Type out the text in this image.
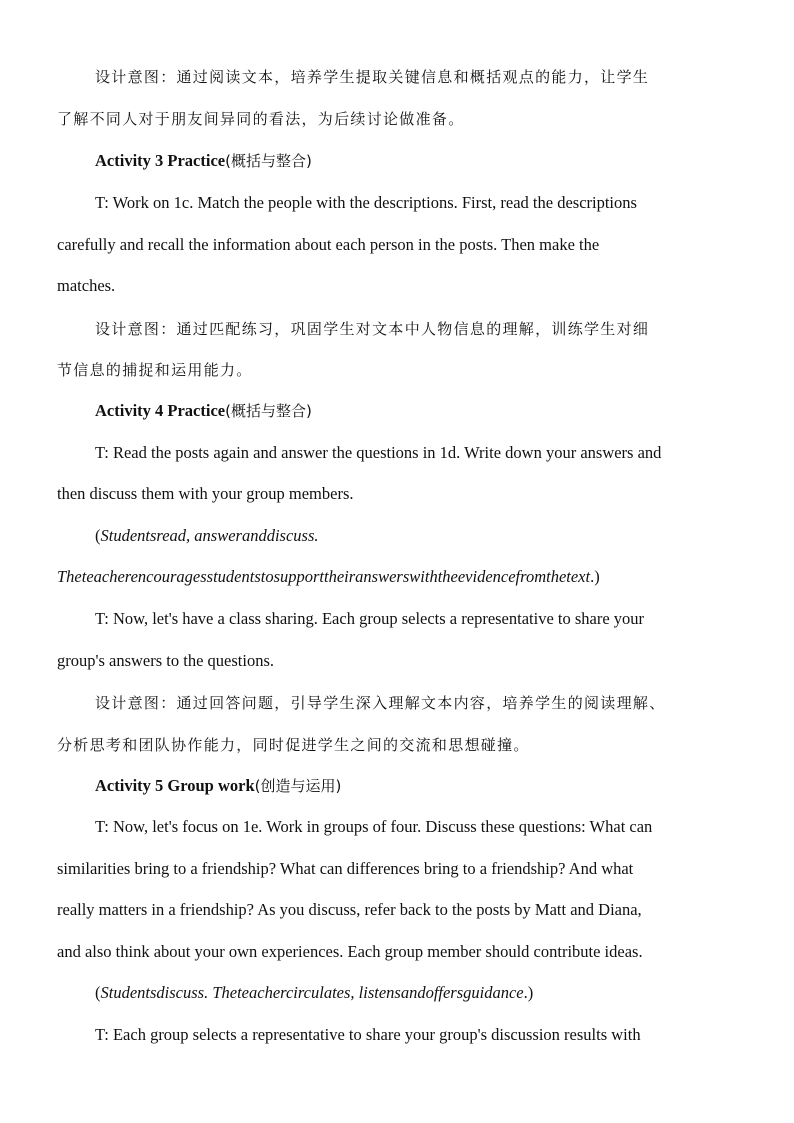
设计意图：通过阅读文本，培养学生提取关键信息和概括观点的能力，让学生
了解不同人对于朋友间异同的看法，为后续讨论做准备。
Activity 3 Practice(概括与整合)
T: Work on 1c. Match the people with the descriptions. First, read the descriptions
carefully and recall the information about each person in the posts. Then make the
matches.
设计意图：通过匹配练习，巩固学生对文本中人物信息的理解，训练学生对细
节信息的捕捉和运用能力。
Activity 4 Practice(概括与整合)
T: Read the posts again and answer the questions in 1d. Write down your answers and
then discuss them with your group members.
(Studentsread, answeranddiscuss.
Theteacherencouragesstudentstosupporttheiranswerswiththeevidencefromthetext.)
T: Now, let's have a class sharing. Each group selects a representative to share your
group's answers to the questions.
设计意图：通过回答问题，引导学生深入理解文本内容，培养学生的阅读理解、
分析思考和团队协作能力，同时促进学生之间的交流和思想碰撞。
Activity 5 Group work(创造与运用)
T: Now, let's focus on 1e. Work in groups of four. Discuss these questions: What can
similarities bring to a friendship? What can differences bring to a friendship? And what
really matters in a friendship? As you discuss, refer back to the posts by Matt and Diana,
and also think about your own experiences. Each group member should contribute ideas.
(Studentsdiscuss. Theteachercirculates, listensandoffersguidance.)
T: Each group selects a representative to share your group's discussion results with
